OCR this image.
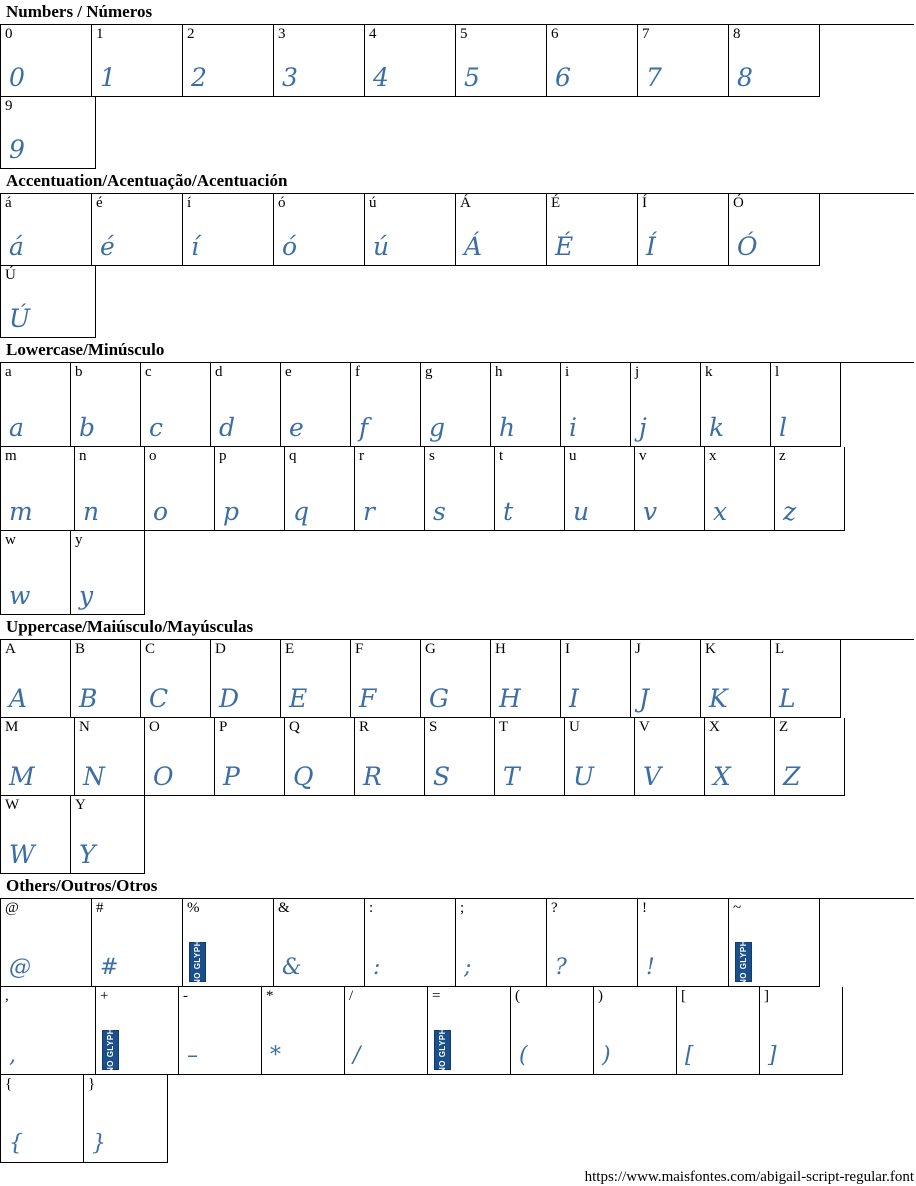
Numbers / Números
0
0
1
1
2
2
3
3
4
4
5
5
6
6
7
7
8
8
9
9
Accentuation/Acentuação/Acentuación
á
á
é
é
í
í
ó
ó
ú
ú
Á
Á
É
É
Í
Í
Ó
Ó
Ú
Ú
Lowercase/Minúsculo
a
a
b
b
c
c
d
d
e
e
f
f
g
g
h
h
i
i
j
j
k
k
l
l
m
m
n
n
o
o
p
p
q
q
r
r
s
s
t
t
u
u
v
v
x
x
z
z
w
w
y
y
Uppercase/Maiúsculo/Mayúsculas
A
A
B
B
C
C
D
D
E
E
F
F
G
G
H
H
I
I
J
J
K
K
L
L
M
M
N
N
O
O
P
P
Q
Q
R
R
S
S
T
T
U
U
V
V
X
X
Z
Z
W
W
Y
Y
Others/Outros/Otros
@
@
#
#
%
NO GLYPH
&
&
:
:
;
;
?
?
!
!
~
NO GLYPH
,
,
+
NO GLYPH
-
–
*
*
/
/
=
NO GLYPH
(
(
)
)
[
[
]
]
{
{
}
}
https://www.maisfontes.com/abigail-script-regular.font
